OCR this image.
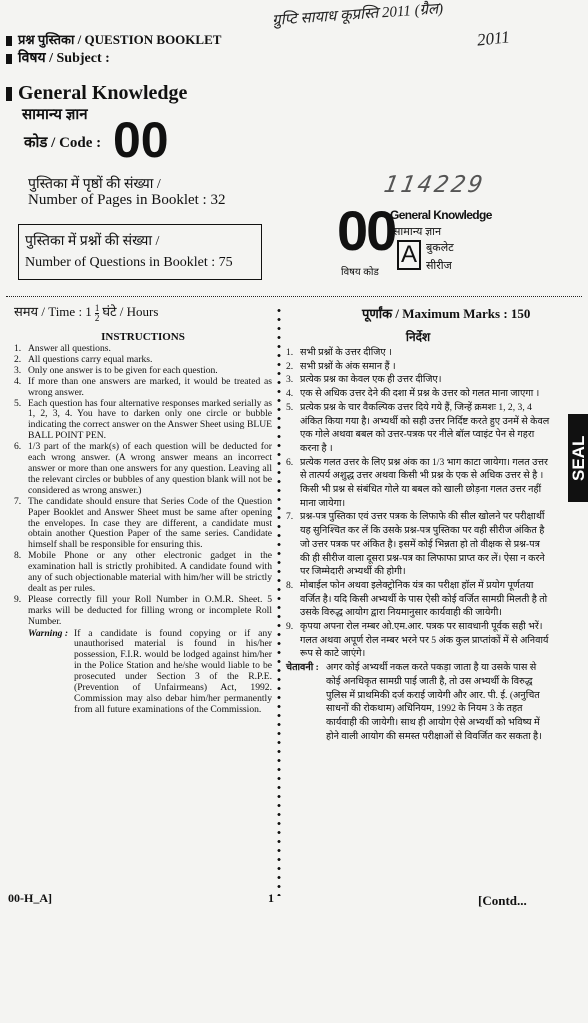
ग्रुप्टि सायाध कूप्रस्ति 2011 (ग्रैल)
2011
प्रश्न पुस्तिका / QUESTION BOOKLET
विषय / Subject :
General Knowledge
सामान्य ज्ञान
कोड / Code : 00
पुस्तिका में पृष्ठों की संख्या /
Number of Pages in Booklet : 32
पुस्तिका में प्रश्नों की संख्या /
Number of Questions in Booklet : 75
114229
00
General Knowledge
सामान्य ज्ञान
A बुकलेट
सीरीज
विषय कोड
समय / Time : $1 \frac{1}{2}$ घंटे / Hours	पूर्णांक / Maximum Marks : 150
INSTRUCTIONS
1. Answer all questions.
2. All questions carry equal marks.
3. Only one answer is to be given for each question.
4. If more than one answers are marked, it would be treated as wrong answer.
5. Each question has four alternative responses marked serially as 1, 2, 3, 4. You have to darken only one circle or bubble indicating the correct answer on the Answer Sheet using BLUE BALL POINT PEN.
6. 1/3 part of the mark(s) of each question will be deducted for each wrong answer. (A wrong answer means an incorrect answer or more than one answers for any question. Leaving all the relevant circles or bubbles of any question blank will not be considered as wrong answer.)
7. The candidate should ensure that Series Code of the Question Paper Booklet and Answer Sheet must be same after opening the envelopes. In case they are different, a candidate must obtain another Question Paper of the same series. Candidate himself shall be responsible for ensuring this.
8. Mobile Phone or any other electronic gadget in the examination hall is strictly prohibited. A candidate found with any of such objectionable material with him/her will be strictly dealt as per rules.
9. Please correctly fill your Roll Number in O.M.R. Sheet. 5 marks will be deducted for filling wrong or incomplete Roll Number.
Warning : If a candidate is found copying or if any unauthorised material is found in his/her possession, F.I.R. would be lodged against him/her in the Police Station and he/she would liable to be prosecuted under Section 3 of the R.P.E. (Prevention of Unfairmeans) Act, 1992. Commission may also debar him/her permanently from all future examinations of the Commission.
निर्देश
1. सभी प्रश्नों के उत्तर दीजिए ।
2. सभी प्रश्नों के अंक समान हैं ।
3. प्रत्येक प्रश्न का केवल एक ही उत्तर दीजिए।
4. एक से अधिक उत्तर देने की दशा में प्रश्न के उत्तर को गलत माना जाएगा ।
5. प्रत्येक प्रश्न के चार वैकल्पिक उत्तर दिये गये हैं, जिन्हें क्रमशः 1, 2, 3, 4 अंकित किया गया है। अभ्यर्थी को सही उत्तर निर्दिष्ट करते हुए उनमें से केवल एक गोले अथवा बबल को उत्तर-पत्रक पर नीले बॉल प्वाइंट पेन से गहरा करना है ।
6. प्रत्येक गलत उत्तर के लिए प्रश्न अंक का 1/3 भाग काटा जायेगा। गलत उत्तर से तात्पर्य अशुद्ध उत्तर अथवा किसी भी प्रश्न के एक से अधिक उत्तर से है । किसी भी प्रश्न से संबंधित गोले या बबल को खाली छोड़ना गलत उत्तर नहीं माना जायेगा।
7. प्रश्न-पत्र पुस्तिका एवं उत्तर पत्रक के लिफाफे की सील खोलने पर परीक्षार्थी यह सुनिश्चित कर लें कि उसके प्रश्न-पत्र पुस्तिका पर वही सीरीज अंकित है जो उत्तर पत्रक पर अंकित है। इसमें कोई भिन्नता हो तो वीक्षक से प्रश्न-पत्र की ही सीरीज वाला दूसरा प्रश्न-पत्र का लिफाफा प्राप्त कर लें। ऐसा न करने पर जिम्मेदारी अभ्यर्थी की होगी।
8. मोबाईल फोन अथवा इलेक्ट्रोनिक यंत्र का परीक्षा हॉल में प्रयोग पूर्णतया वर्जित है। यदि किसी अभ्यर्थी के पास ऐसी कोई वर्जित सामग्री मिलती है तो उसके विरुद्ध आयोग द्वारा नियमानुसार कार्यवाही की जायेगी।
9. कृपया अपना रोल नम्बर ओ.एम.आर. पत्रक पर सावधानी पूर्वक सही भरें। गलत अथवा अपूर्ण रोल नम्बर भरने पर 5 अंक कुल प्राप्तांकों में से अनिवार्य रूप से काटे जाएंगे।
चेतावनी : अगर कोई अभ्यर्थी नकल करते पकड़ा जाता है या उसके पास से कोई अनधिकृत सामग्री पाई जाती है, तो उस अभ्यर्थी के विरुद्ध पुलिस में प्राथमिकी दर्ज कराई जायेगी और आर. पी. ई. (अनुचित साधनों की रोकथाम) अधिनियम, 1992 के नियम 3 के तहत कार्यवाही की जायेगी। साथ ही आयोग ऐसे अभ्यर्थी को भविष्य में होने वाली आयोग की समस्त परीक्षाओं से विवर्जित कर सकता है।
00-H_A]	1	[Contd...
SEAL
